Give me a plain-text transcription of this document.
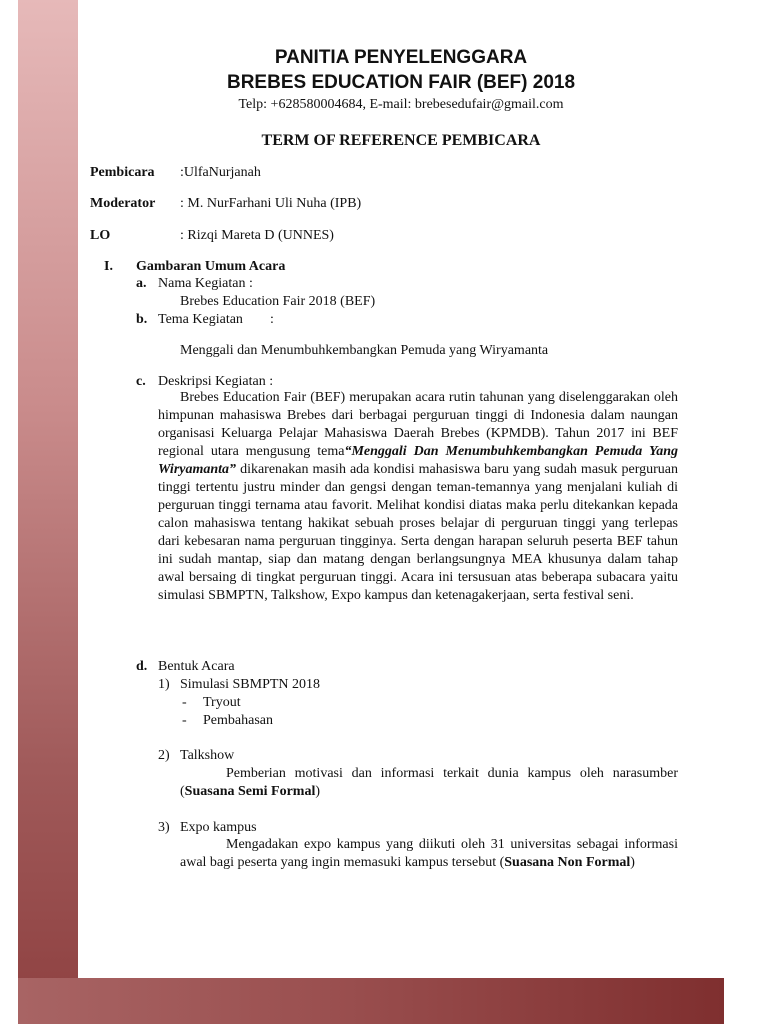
PANITIA PENYELENGGARA
BREBES EDUCATION FAIR (BEF) 2018
Telp: +628580004684, E-mail: brebesedufair@gmail.com
TERM OF REFERENCE PEMBICARA
Pembicara :UlfaNurjanah
Moderator : M. NurFarhani Uli Nuha (IPB)
LO	: Rizqi Mareta D (UNNES)
I. Gambaran Umum Acara
a. Nama Kegiatan :
Brebes Education Fair 2018 (BEF)
b. Tema Kegiatan :
Menggali dan Menumbuhkembangkan Pemuda yang Wiryamanta
c. Deskripsi Kegiatan :
Brebes Education Fair (BEF) merupakan acara rutin tahunan yang diselenggarakan oleh himpunan mahasiswa Brebes dari berbagai perguruan tinggi di Indonesia dalam naungan organisasi Keluarga Pelajar Mahasiswa Daerah Brebes (KPMDB). Tahun 2017 ini BEF regional utara mengusung tema“Menggali Dan Menumbuhkembangkan Pemuda Yang Wiryamanta” dikarenakan masih ada kondisi mahasiswa baru yang sudah masuk perguruan tinggi tertentu justru minder dan gengsi dengan teman-temannya yang menjalani kuliah di perguruan tinggi ternama atau favorit. Melihat kondisi diatas maka perlu ditekankan kepada calon mahasiswa tentang hakikat sebuah proses belajar di perguruan tinggi yang terlepas dari kebesaran nama perguruan tingginya. Serta dengan harapan seluruh peserta BEF tahun ini sudah mantap, siap dan matang dengan berlangsungnya MEA khusunya dalam tahap awal bersaing di tingkat perguruan tinggi. Acara ini tersusuan atas beberapa subacara yaitu simulasi SBMPTN, Talkshow, Expo kampus dan ketenagakerjaan, serta festival seni.
d. Bentuk Acara
1) Simulasi SBMPTN 2018
- Tryout
- Pembahasan
2) Talkshow
Pemberian motivasi dan informasi terkait dunia kampus oleh narasumber (Suasana Semi Formal)
3) Expo kampus
Mengadakan expo kampus yang diikuti oleh 31 universitas sebagai informasi awal bagi peserta yang ingin memasuki kampus tersebut (Suasana Non Formal)
